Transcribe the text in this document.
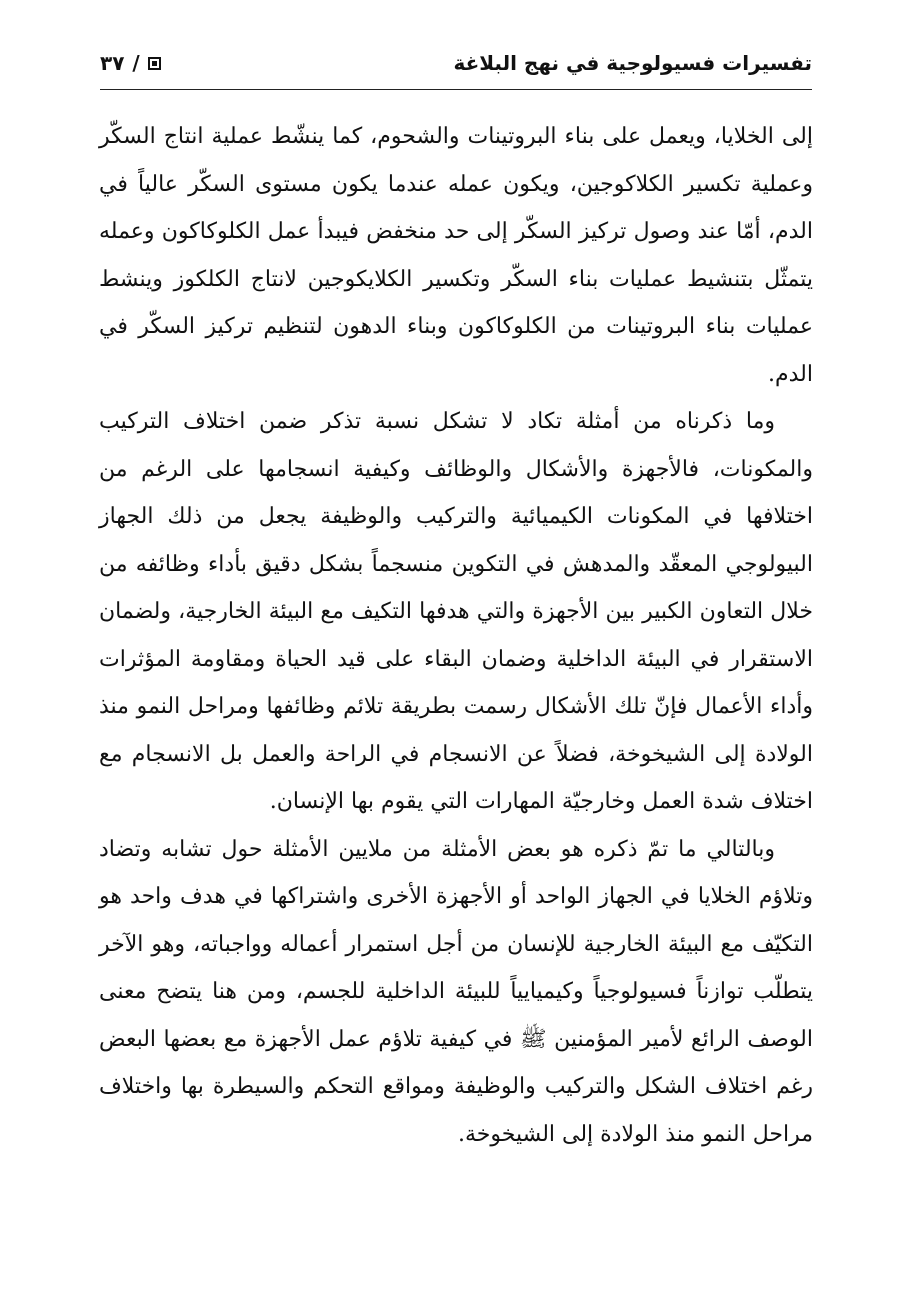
تفسيرات فسيولوجية في نهج البلاغة
٣٧ /

إلى الخلايا، ويعمل على بناء البروتينات والشحوم، كما ينشّط عملية انتاج السكّر وعملية تكسير الكلاكوجين، ويكون عمله عندما يكون مستوى السكّر عالياً في الدم، أمّا عند وصول تركيز السكّر إلى حد منخفض فيبدأ عمل الكلوكاكون وعمله يتمثّل بتنشيط عمليات بناء السكّر وتكسير الكلايكوجين لانتاج الكلكوز وينشط عمليات بناء البروتينات من الكلوكاكون وبناء الدهون لتنظيم تركيز السكّر في الدم.

وما ذكرناه من أمثلة تكاد لا تشكل نسبة تذكر ضمن اختلاف التركيب والمكونات، فالأجهزة والأشكال والوظائف وكيفية انسجامها على الرغم من اختلافها في المكونات الكيميائية والتركيب والوظيفة يجعل من ذلك الجهاز البيولوجي المعقّد والمدهش في التكوين منسجماً بشكل دقيق بأداء وظائفه من خلال التعاون الكبير بين الأجهزة والتي هدفها التكيف مع البيئة الخارجية، ولضمان الاستقرار في البيئة الداخلية وضمان البقاء على قيد الحياة ومقاومة المؤثرات وأداء الأعمال فإنّ تلك الأشكال رسمت بطريقة تلائم وظائفها ومراحل النمو منذ الولادة إلى الشيخوخة، فضلاً عن الانسجام في الراحة والعمل بل الانسجام مع اختلاف شدة العمل وخارجيّة المهارات التي يقوم بها الإنسان.

وبالتالي ما تمّ ذكره هو بعض الأمثلة من ملايين الأمثلة حول تشابه وتضاد وتلاؤم الخلايا في الجهاز الواحد أو الأجهزة الأخرى واشتراكها في هدف واحد هو التكيّف مع البيئة الخارجية للإنسان من أجل استمرار أعماله وواجباته، وهو الآخر يتطلّب توازناً فسيولوجياً وكيميايياً للبيئة الداخلية للجسم، ومن هنا يتضح معنى الوصف الرائع لأمير المؤمنين ﷺ في كيفية تلاؤم عمل الأجهزة مع بعضها البعض رغم اختلاف الشكل والتركيب والوظيفة ومواقع التحكم والسيطرة بها واختلاف مراحل النمو منذ الولادة إلى الشيخوخة.
